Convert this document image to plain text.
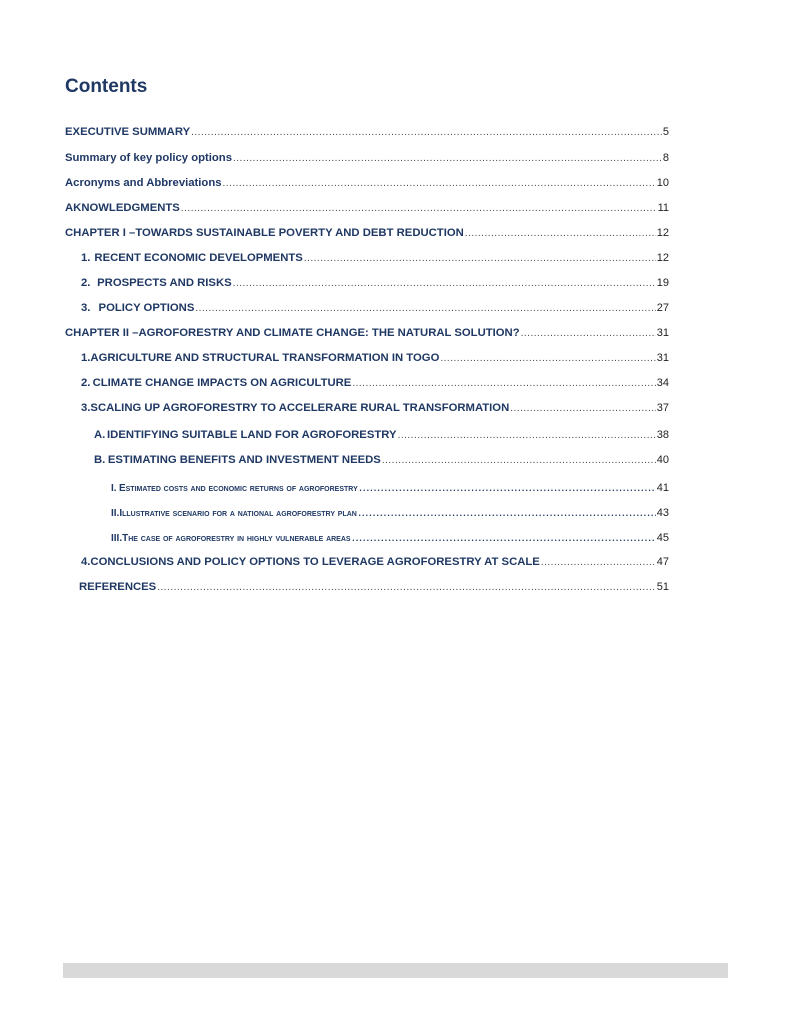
Contents
EXECUTIVE SUMMARY .....	5
Summary of key policy options .....	8
Acronyms and Abbreviations .....	10
AKNOWLEDGMENTS .....	11
CHAPTER I – TOWARDS SUSTAINABLE POVERTY AND DEBT REDUCTION .....	12
1. RECENT ECONOMIC DEVELOPMENTS .....	12
2. PROSPECTS AND RISKS .....	19
3. POLICY OPTIONS .....	27
CHAPTER II – AGROFORESTRY AND CLIMATE CHANGE: THE NATURAL SOLUTION? .....	31
1. AGRICULTURE AND STRUCTURAL TRANSFORMATION IN TOGO .....	31
2. CLIMATE CHANGE IMPACTS ON AGRICULTURE .....	34
3. SCALING UP AGROFORESTRY TO ACCELERARE RURAL TRANSFORMATION .....	37
A. IDENTIFYING SUITABLE LAND FOR AGROFORESTRY .....	38
B. ESTIMATING BENEFITS AND INVESTMENT NEEDS .....	40
I. Estimated costs and economic returns of agroforestry .....	41
II. Illustrative scenario for a national agroforestry plan .....	43
III. The case of agroforestry in highly vulnerable areas .....	45
4. CONCLUSIONS AND POLICY OPTIONS TO LEVERAGE AGROFORESTRY AT SCALE .....	47
REFERENCES .....	51
